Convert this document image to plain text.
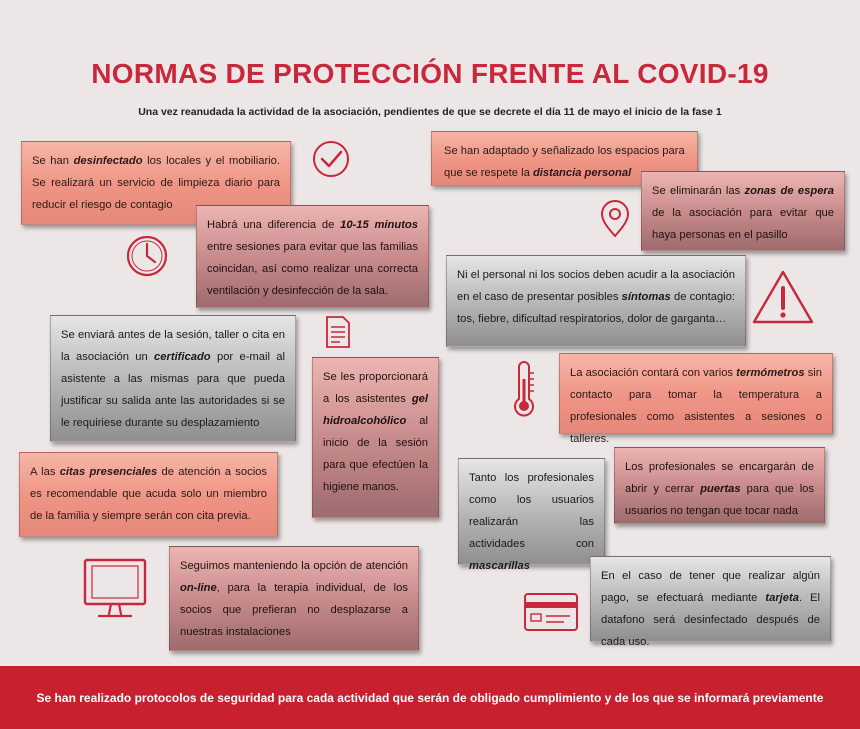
NORMAS DE PROTECCIÓN FRENTE AL COVID-19
Una vez reanudada la actividad de la asociación, pendientes de que se decrete el día 11 de mayo el inicio de la fase 1
Se han desinfectado los locales y el mobiliario. Se realizará un servicio de limpieza diario para reducir el riesgo de contagio
Se han adaptado y señalizado los espacios para que se respete la distancia personal
Se eliminarán las zonas de espera de la asociación para evitar que haya personas en el pasillo
Habrá una diferencia de 10-15 minutos entre sesiones para evitar que las familias coincidan, así como realizar una correcta ventilación y desinfección de la sala.
Ni el personal ni los socios deben acudir a la asociación en el caso de presentar posibles síntomas de contagio: tos, fiebre, dificultad respiratorios, dolor de garganta…
Se enviará antes de la sesión, taller o cita en la asociación un certificado por e-mail al asistente a las mismas para que pueda justificar su salida ante las autoridades si se le requiriese durante su desplazamiento
Se les proporcionará a los asistentes gel hidroalcohólico al inicio de la sesión para que efectúen la higiene manos.
La asociación contará con varios termómetros sin contacto para tomar la temperatura a profesionales como asistentes a sesiones o talleres.
A las citas presenciales de atención a socios es recomendable que acuda solo un miembro de la familia y siempre serán con cita previa.
Tanto los profesionales como los usuarios realizarán las actividades con mascarillas
Los profesionales se encargarán de abrir y cerrar puertas para que los usuarios no tengan que tocar nada
Seguimos manteniendo la opción de atención on-line, para la terapia individual, de los socios que prefieran no desplazarse a nuestras instalaciones
En el caso de tener que realizar algún pago, se efectuará mediante tarjeta. El datafono será desinfectado después de cada uso.
Se han realizado protocolos de seguridad para cada actividad que serán de obligado cumplimiento y de los que se informará previamente
